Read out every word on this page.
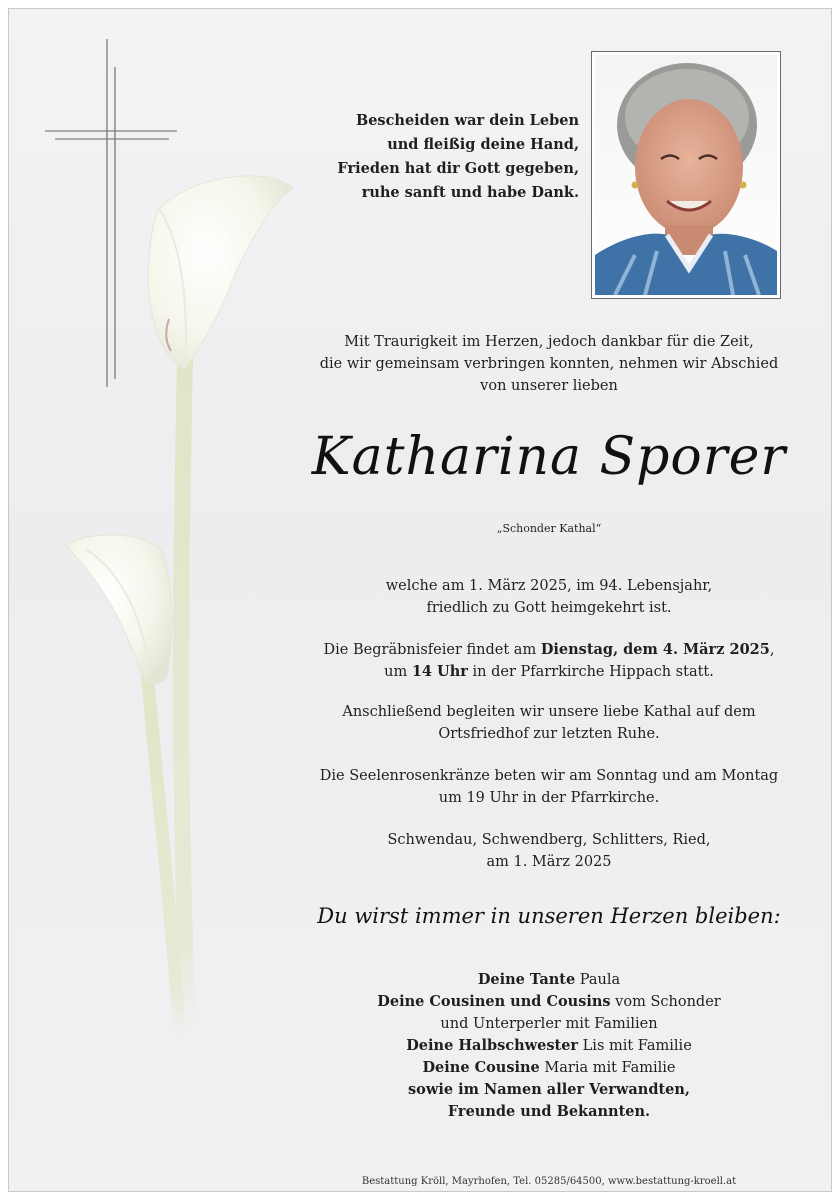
Bescheiden war dein Leben
und fleißig deine Hand,
Frieden hat dir Gott gegeben,
ruhe sanft und habe Dank.
Mit Traurigkeit im Herzen, jedoch dankbar für die Zeit,
die wir gemeinsam verbringen konnten, nehmen wir Abschied
von unserer lieben
Katharina Sporer
„Schonder Kathal“
welche am 1. März 2025, im 94. Lebensjahr,
friedlich zu Gott heimgekehrt ist.
Die Begräbnisfeier findet am Dienstag, dem 4. März 2025,
um 14 Uhr in der Pfarrkirche Hippach statt.
Anschließend begleiten wir unsere liebe Kathal auf dem
Ortsfriedhof zur letzten Ruhe.
Die Seelenrosenkränze beten wir am Sonntag und am Montag
um 19 Uhr in der Pfarrkirche.
Schwendau, Schwendberg, Schlitters, Ried,
am 1. März 2025
Du wirst immer in unseren Herzen bleiben:
Deine Tante Paula
Deine Cousinen und Cousins vom Schonder
und Unterperler mit Familien
Deine Halbschwester Lis mit Familie
Deine Cousine Maria mit Familie
sowie im Namen aller Verwandten,
Freunde und Bekannten.
Bestattung Kröll, Mayrhofen, Tel. 05285/64500, www.bestattung-kroell.at
